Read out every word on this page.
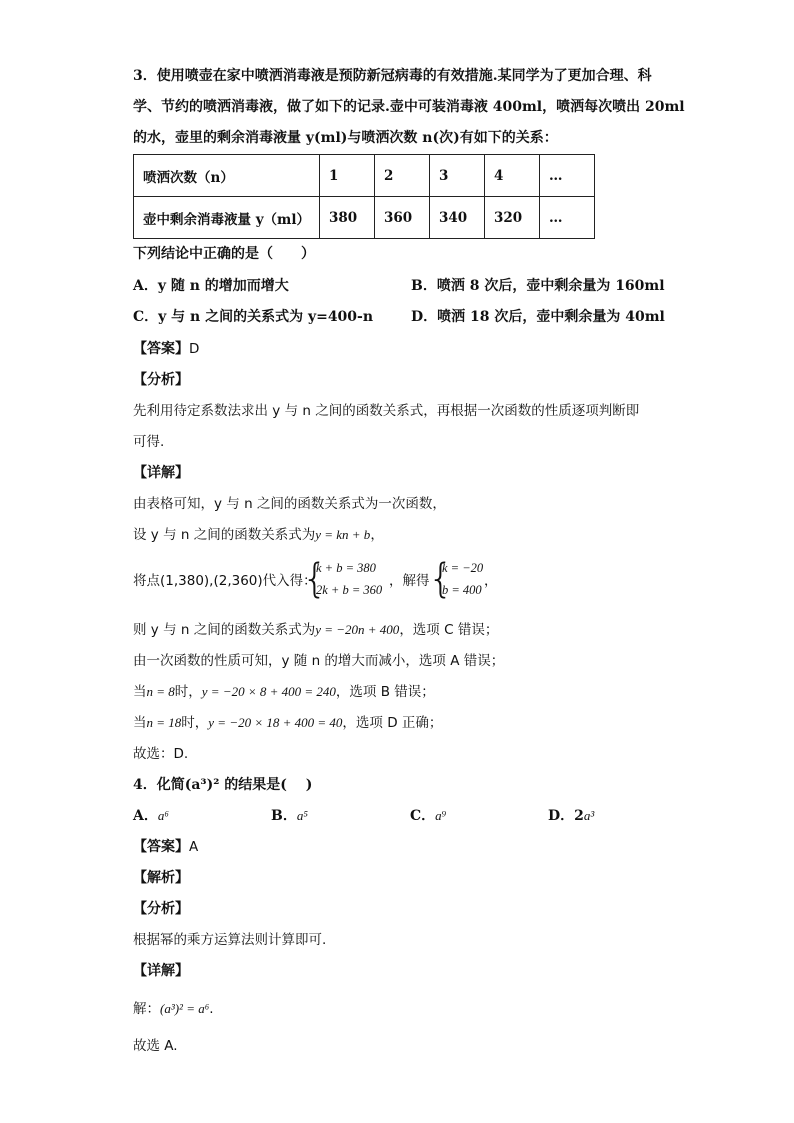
3．使用喷壶在家中喷洒消毒液是预防新冠病毒的有效措施.某同学为了更加合理、科
学、节约的喷洒消毒液，做了如下的记录.壶中可装消毒液 400ml，喷洒每次喷出 20ml
的水，壶里的剩余消毒液量 y(ml)与喷洒次数 n(次)有如下的关系：
喷洒次数（n）	1	2	3	4	…
壶中剩余消毒液量 y（ml）	380	360	340	320	…
下列结论中正确的是（　　）
A．y 随 n 的增加而增大	B．喷洒 8 次后，壶中剩余量为 160ml
C．y 与 n 之间的关系式为 y=400-n	D．喷洒 18 次后，壶中剩余量为 40ml
【答案】D
【分析】
先利用待定系数法求出 y 与 n 之间的函数关系式，再根据一次函数的性质逐项判断即
可得.
【详解】
由表格可知，y 与 n 之间的函数关系式为一次函数，
设 y 与 n 之间的函数关系式为y = kn + b，
将点(1,380),(2,360)代入得：
{
k + b = 380
2k + b = 360
，解得
{
k = −20
b = 400
，
则 y 与 n 之间的函数关系式为y = −20n + 400，选项 C 错误；
由一次函数的性质可知，y 随 n 的增大而减小，选项 A 错误；
当n = 8时，y = −20 × 8 + 400 = 240，选项 B 错误；
当n = 18时，y = −20 × 18 + 400 = 40，选项 D 正确；
故选：D.
4．化简(a³)² 的结果是(　 )
A．a⁶	B．a⁵	C．a⁹	D．2a³
【答案】A
【解析】
【分析】
根据幂的乘方运算法则计算即可.
【详解】
解：(a³)² = a⁶.
故选 A.
